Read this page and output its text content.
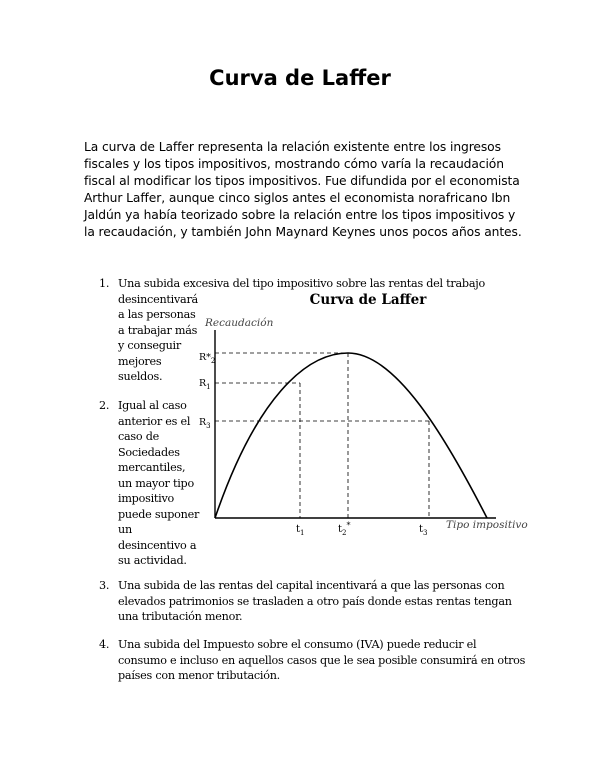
Curva de Laffer
La curva de Laffer representa la relación existente entre los ingresos fiscales y los tipos impositivos, mostrando cómo varía la recaudación fiscal al modificar los tipos impositivos. Fue difundida por el economista Arthur Laffer, aunque cinco siglos antes el economista norafricano Ibn Jaldún ya había teorizado sobre la relación entre los tipos impositivos y la recaudación, y también John Maynard Keynes unos pocos años antes.
1. Una subida excesiva del tipo impositivo sobre las rentas del trabajo
desincentivará a las personas a trabajar más y conseguir mejores sueldos.
2. Igual al caso anterior es el caso de Sociedades mercantiles, un mayor tipo impositivo puede suponer un desincentivo a su actividad.
Curva de Laffer
Recaudación
$R*_2$
$R_1$
$R_3$
$t_1$	$t_2^*$	$t_3$
Tipo impositivo
3. Una subida de las rentas del capital incentivará a que las personas con elevados patrimonios se trasladen a otro país donde estas rentas tengan una tributación menor.
4. Una subida del Impuesto sobre el consumo (IVA) puede reducir el consumo e incluso en aquellos casos que le sea posible consumirá en otros países con menor tributación.
